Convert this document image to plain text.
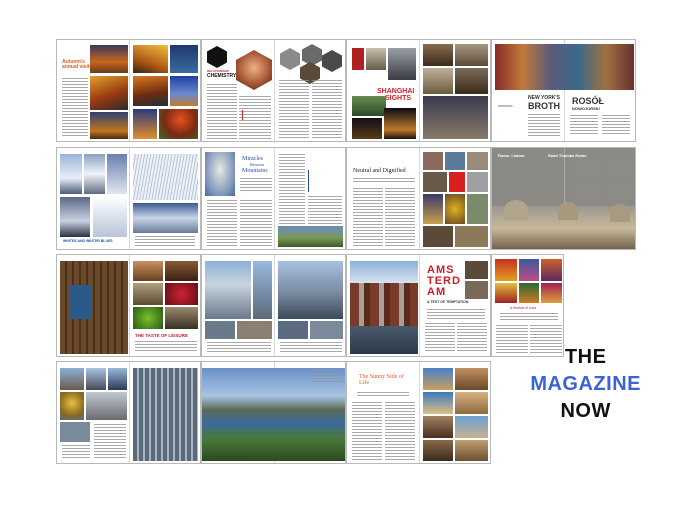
Autumn's annual visit
RELATIONSHIP
CHEMISTRY
SHANGHAI
SIGHTS
━━━━━━━━
NEW YORK'S
BROTH ROSÓŁ
NOWOJORSKI
WHITES AND WINTER BLUES
Miracles
Between
Mountains	Neutral and Dignified
Rome, Lisbon	Saint Thomas Rome
THE TASTE OF LEISURE
AMSTERDAM
A TEST OF TEMPTATION
A festival of color
The Sunny Side of Life
THE
MAGAZINE
NOW
